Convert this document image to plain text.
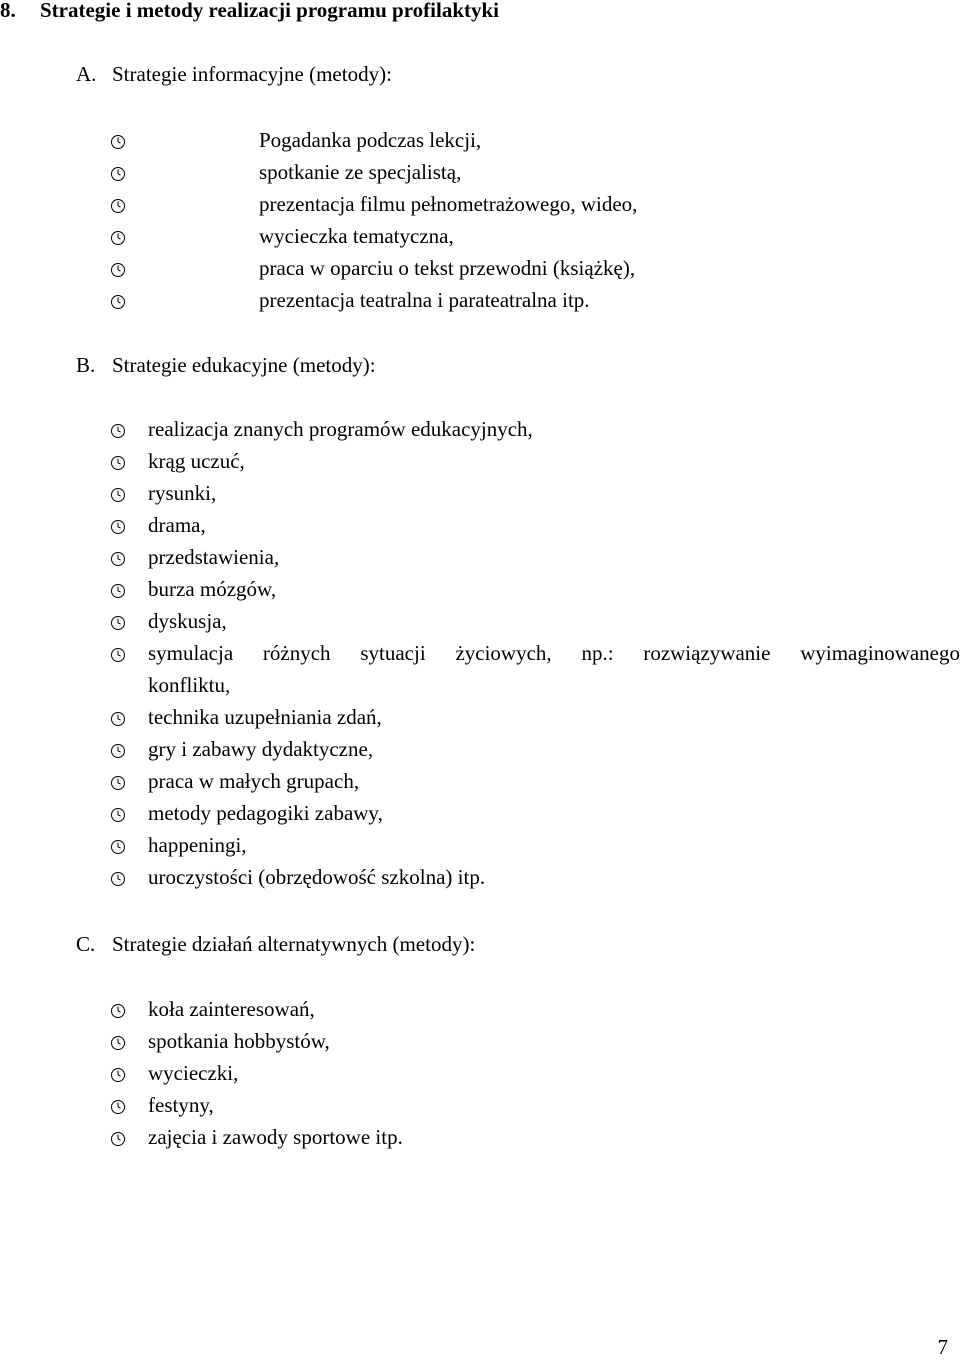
8. Strategie i metody realizacji programu profilaktyki
A. Strategie informacyjne (metody):
Pogadanka podczas lekcji,
spotkanie ze specjalistą,
prezentacja filmu pełnometrażowego, wideo,
wycieczka tematyczna,
praca w oparciu o tekst przewodni (książkę),
prezentacja teatralna i parateatralna itp.
B. Strategie edukacyjne (metody):
realizacja znanych programów edukacyjnych,
krąg uczuć,
rysunki,
drama,
przedstawienia,
burza mózgów,
dyskusja,
symulacja różnych sytuacji życiowych, np.: rozwiązywanie wyimaginowanego
konfliktu,
technika uzupełniania zdań,
gry i zabawy dydaktyczne,
praca w małych grupach,
metody pedagogiki zabawy,
happeningi,
uroczystości (obrzędowość szkolna) itp.
C. Strategie działań alternatywnych (metody):
koła zainteresowań,
spotkania hobbystów,
wycieczki,
festyny,
zajęcia i zawody sportowe itp.
7
